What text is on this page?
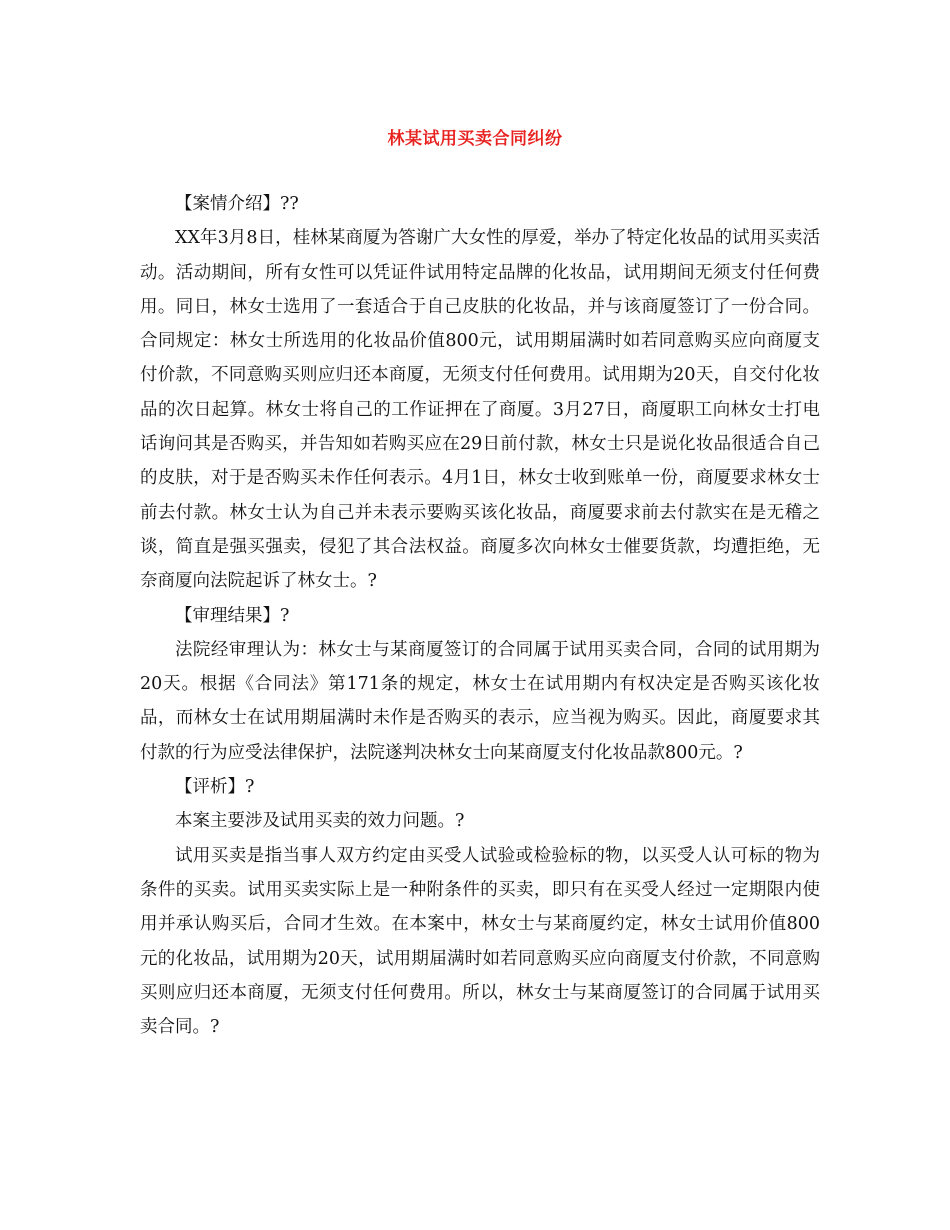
林某试用买卖合同纠纷

【案情介绍】??

XX年3月8日，桂林某商厦为答谢广大女性的厚爱，举办了特定化妆品的试用买卖活动。活动期间，所有女性可以凭证件试用特定品牌的化妆品，试用期间无须支付任何费用。同日，林女士选用了一套适合于自己皮肤的化妆品，并与该商厦签订了一份合同。合同规定：林女士所选用的化妆品价值800元，试用期届满时如若同意购买应向商厦支付价款，不同意购买则应归还本商厦，无须支付任何费用。试用期为20天，自交付化妆品的次日起算。林女士将自己的工作证押在了商厦。3月27日，商厦职工向林女士打电话询问其是否购买，并告知如若购买应在29日前付款，林女士只是说化妆品很适合自己的皮肤，对于是否购买未作任何表示。4月1日，林女士收到账单一份，商厦要求林女士前去付款。林女士认为自己并未表示要购买该化妆品，商厦要求前去付款实在是无稽之谈，简直是强买强卖，侵犯了其合法权益。商厦多次向林女士催要货款，均遭拒绝，无奈商厦向法院起诉了林女士。?

【审理结果】?

法院经审理认为：林女士与某商厦签订的合同属于试用买卖合同，合同的试用期为20天。根据《合同法》第171条的规定，林女士在试用期内有权决定是否购买该化妆品，而林女士在试用期届满时未作是否购买的表示，应当视为购买。因此，商厦要求其付款的行为应受法律保护，法院遂判决林女士向某商厦支付化妆品款800元。?

【评析】?

本案主要涉及试用买卖的效力问题。?

试用买卖是指当事人双方约定由买受人试验或检验标的物，以买受人认可标的物为条件的买卖。试用买卖实际上是一种附条件的买卖，即只有在买受人经过一定期限内使用并承认购买后，合同才生效。在本案中，林女士与某商厦约定，林女士试用价值800元的化妆品，试用期为20天，试用期届满时如若同意购买应向商厦支付价款，不同意购买则应归还本商厦，无须支付任何费用。所以，林女士与某商厦签订的合同属于试用买卖合同。?
